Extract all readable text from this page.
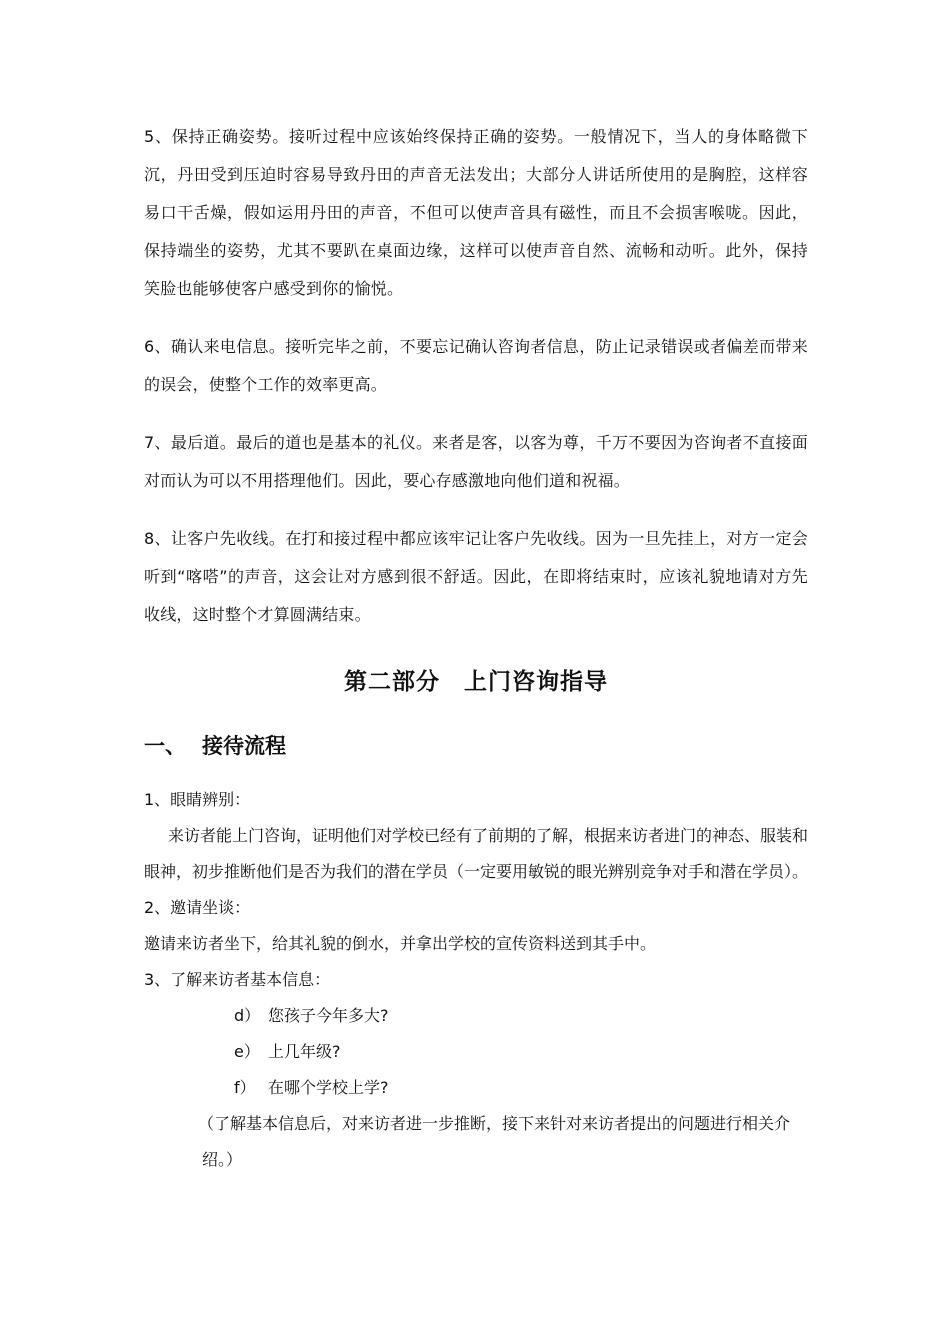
5、保持正确姿势。接听过程中应该始终保持正确的姿势。一般情况下，当人的身体略微下沉，丹田受到压迫时容易导致丹田的声音无法发出；大部分人讲话所使用的是胸腔，这样容易口干舌燥，假如运用丹田的声音，不但可以使声音具有磁性，而且不会损害喉咙。因此，保持端坐的姿势，尤其不要趴在桌面边缘，这样可以使声音自然、流畅和动听。此外，保持笑脸也能够使客户感受到你的愉悦。

6、确认来电信息。接听完毕之前，不要忘记确认咨询者信息，防止记录错误或者偏差而带来的误会，使整个工作的效率更高。

7、最后道。最后的道也是基本的礼仪。来者是客，以客为尊，千万不要因为咨询者不直接面对而认为可以不用搭理他们。因此，要心存感激地向他们道和祝福。

8、让客户先收线。在打和接过程中都应该牢记让客户先收线。因为一旦先挂上，对方一定会听到“喀嗒”的声音，这会让对方感到很不舒适。因此，在即将结束时，应该礼貌地请对方先收线，这时整个才算圆满结束。

第二部分　上门咨询指导
一、 接待流程

1、眼睛辨别：

来访者能上门咨询，证明他们对学校已经有了前期的了解，根据来访者进门的神态、服装和眼神，初步推断他们是否为我们的潜在学员（一定要用敏锐的眼光辨别竞争对手和潜在学员）。

2、邀请坐谈：

邀请来访者坐下，给其礼貌的倒水，并拿出学校的宣传资料送到其手中。

3、了解来访者基本信息：

d） 您孩子今年多大?

e） 上几年级?

f） 在哪个学校上学?

（了解基本信息后，对来访者进一步推断，接下来针对来访者提出的问题进行相关介绍。）
